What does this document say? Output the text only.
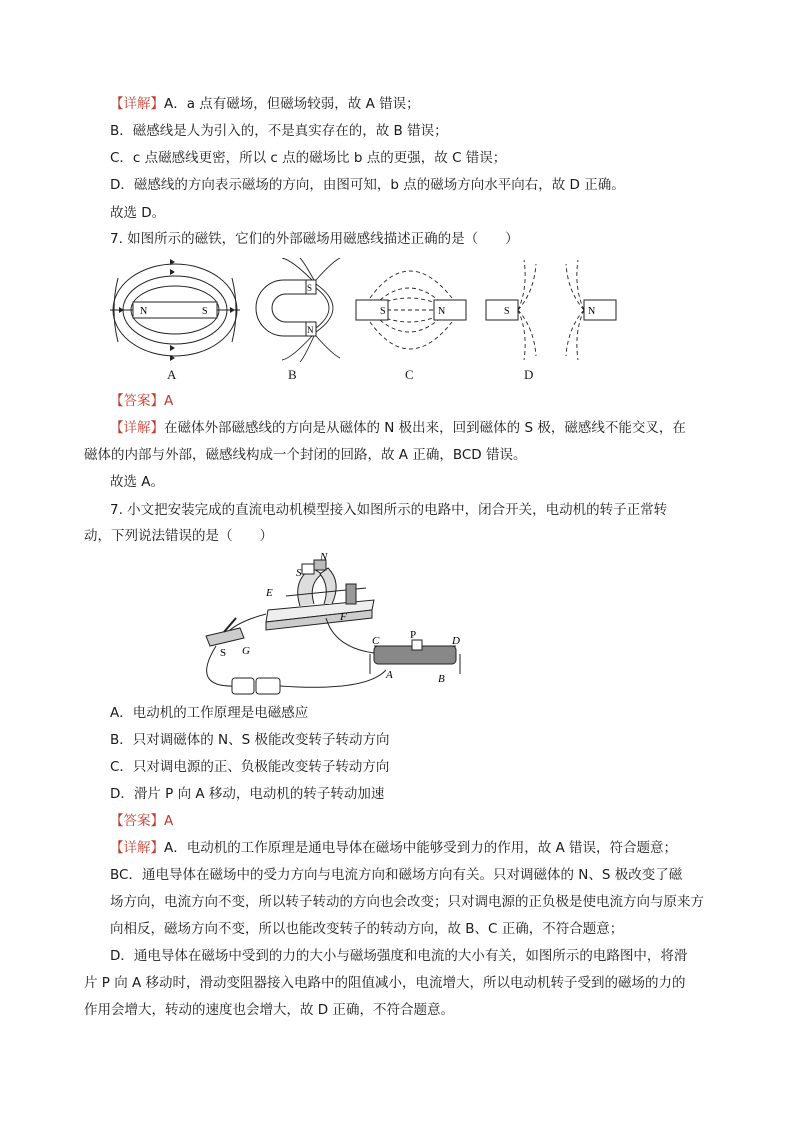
【详解】A．a 点有磁场，但磁场较弱，故 A 错误；
B．磁感线是人为引入的，不是真实存在的，故 B 错误；
C．c 点磁感线更密，所以 c 点的磁场比 b 点的更强，故 C 错误；
D．磁感线的方向表示磁场的方向，由图可知，b 点的磁场方向水平向右，故 D 正确。
故选 D。
7. 如图所示的磁铁，它们的外部磁场用磁感线描述正确的是（　　）
N	S
A
S
N
B
S	N
C
S	N
D
【答案】A
【详解】在磁体外部磁感线的方向是从磁体的 N 极出来，回到磁体的 S 极，磁感线不能交叉，在
磁体的内部与外部，磁感线构成一个封闭的回路，故 A 正确，BCD 错误。
故选 A。
7. 小文把安装完成的直流电动机模型接入如图所示的电路中，闭合开关，电动机的转子正常转
动，下列说法错误的是（　　）
S
N
E
F
S G
C	P	D
A	B
A．电动机的工作原理是电磁感应
B．只对调磁体的 N、S 极能改变转子转动方向
C．只对调电源的正、负极能改变转子转动方向
D．滑片 P 向 A 移动，电动机的转子转动加速
【答案】A
【详解】A．电动机的工作原理是通电导体在磁场中能够受到力的作用，故 A 错误，符合题意；
BC．通电导体在磁场中的受力方向与电流方向和磁场方向有关。只对调磁体的 N、S 极改变了磁
场方向，电流方向不变，所以转子转动的方向也会改变；只对调电源的正负极是使电流方向与原来方
向相反，磁场方向不变，所以也能改变转子的转动方向，故 B、C 正确，不符合题意；
D．通电导体在磁场中受到的力的大小与磁场强度和电流的大小有关，如图所示的电路图中，将滑
片 P 向 A 移动时，滑动变阻器接入电路中的阻值减小，电流增大，所以电动机转子受到的磁场的力的
作用会增大，转动的速度也会增大，故 D 正确，不符合题意。
